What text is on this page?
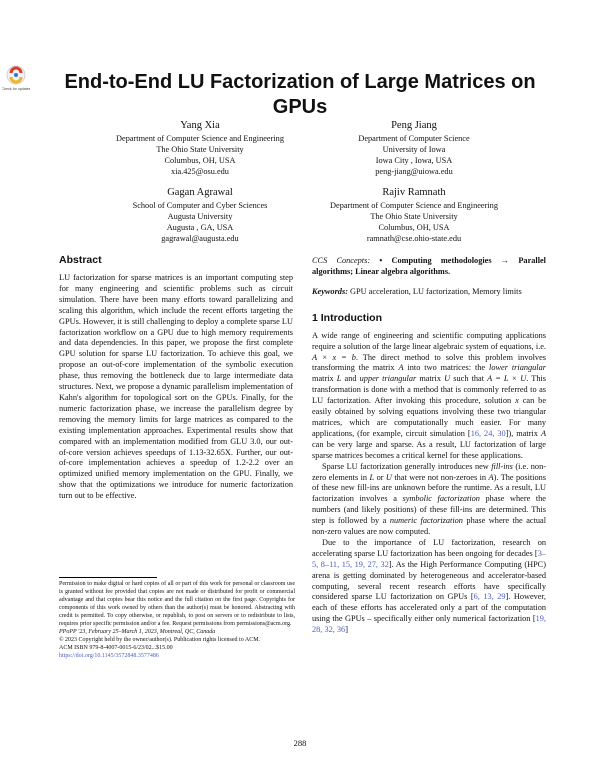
Check for updates End-to-End LU Factorization of Large Matrices on GPUs
Yang Xia
Department of Computer Science and Engineering
The Ohio State University
Columbus, OH, USA
xia.425@osu.edu
Peng Jiang
Department of Computer Science
University of Iowa
Iowa City , Iowa, USA
peng-jiang@uiowa.edu
Gagan Agrawal
School of Computer and Cyber Sciences
Augusta University
Augusta , GA, USA
gagrawal@augusta.edu
Rajiv Ramnath
Department of Computer Science and Engineering
The Ohio State University
Columbus, OH, USA
ramnath@cse.ohio-state.edu
Abstract

LU factorization for sparse matrices is an important computing step for many engineering and scientific problems such as circuit simulation. There have been many efforts toward parallelizing and scaling this algorithm, which include the recent efforts targeting the GPUs. However, it is still challenging to deploy a complete sparse LU factorization workflow on a GPU due to high memory requirements and data dependencies. In this paper, we propose the first complete GPU solution for sparse LU factorization. To achieve this goal, we propose an out-of-core implementation of the symbolic execution phase, thus removing the bottleneck due to large intermediate data structures. Next, we propose a dynamic parallelism implementation of Kahn's algorithm for topological sort on the GPUs. Finally, for the numeric factorization phase, we increase the parallelism degree by removing the memory limits for large matrices as compared to the existing implementation approaches. Experimental results show that compared with an implementation modified from GLU 3.0, our out-of-core version achieves speedups of 1.13-32.65X. Further, our out-of-core implementation achieves a speedup of 1.2-2.2 over an optimized unified memory implementation on the GPU. Finally, we show that the optimizations we introduce for numeric factorization turn out to be effective.

Permission to make digital or hard copies of all or part of this work for personal or classroom use is granted without fee provided that copies are not made or distributed for profit or commercial advantage and that copies bear this notice and the full citation on the first page. Copyrights for components of this work owned by others than the author(s) must be honored. Abstracting with credit is permitted. To copy otherwise, or republish, to post on servers or to redistribute to lists, requires prior specific permission and/or a fee. Request permissions from permissions@acm.org.

PPoPP '23, February 25–March 1, 2023, Montreal, QC, Canada

© 2023 Copyright held by the owner/author(s). Publication rights licensed to ACM.

ACM ISBN 979-8-4007-0015-6/23/02...$15.00

https://doi.org/10.1145/3572848.3577486

CCS Concepts: • Computing methodologies → Parallel algorithms; Linear algebra algorithms.

Keywords: GPU acceleration, LU factorization, Memory limits

1 Introduction

A wide range of engineering and scientific computing applications require a solution of the large linear algebraic system of equations, i.e. A × x = b. The direct method to solve this problem involves transforming the matrix A into two matrices: the lower triangular matrix L and upper triangular matrix U such that A = L × U. This transformation is done with a method that is commonly referred to as LU factorization. After invoking this procedure, solution x can be easily obtained by solving equations involving these two triangular matrices, which are computationally much easier. For many applications, (for example, circuit simulation [16, 24, 30]), matrix A can be very large and sparse. As a result, LU factorization of large sparse matrices becomes a critical kernel for these applications.

Sparse LU factorization generally introduces new fill-ins (i.e. non-zero elements in L or U that were not non-zeroes in A). The positions of these new fill-ins are unknown before the runtime. As a result, LU factorization involves a symbolic factorization phase where the numbers (and likely positions) of these fill-ins are determined. This step is followed by a numeric factorization phase where the actual non-zero values are now computed.

Due to the importance of LU factorization, research on accelerating sparse LU factorization has been ongoing for decades [3–5, 8–11, 15, 19, 27, 32]. As the High Performance Computing (HPC) arena is getting dominated by heterogeneous and accelerator-based computing, several recent research efforts have specifically considered sparse LU factorization on GPUs [6, 13, 29]. However, each of these efforts has accelerated only a part of the computation using the GPUs – specifically either only numerical factorization [19, 28, 32, 36]

288
